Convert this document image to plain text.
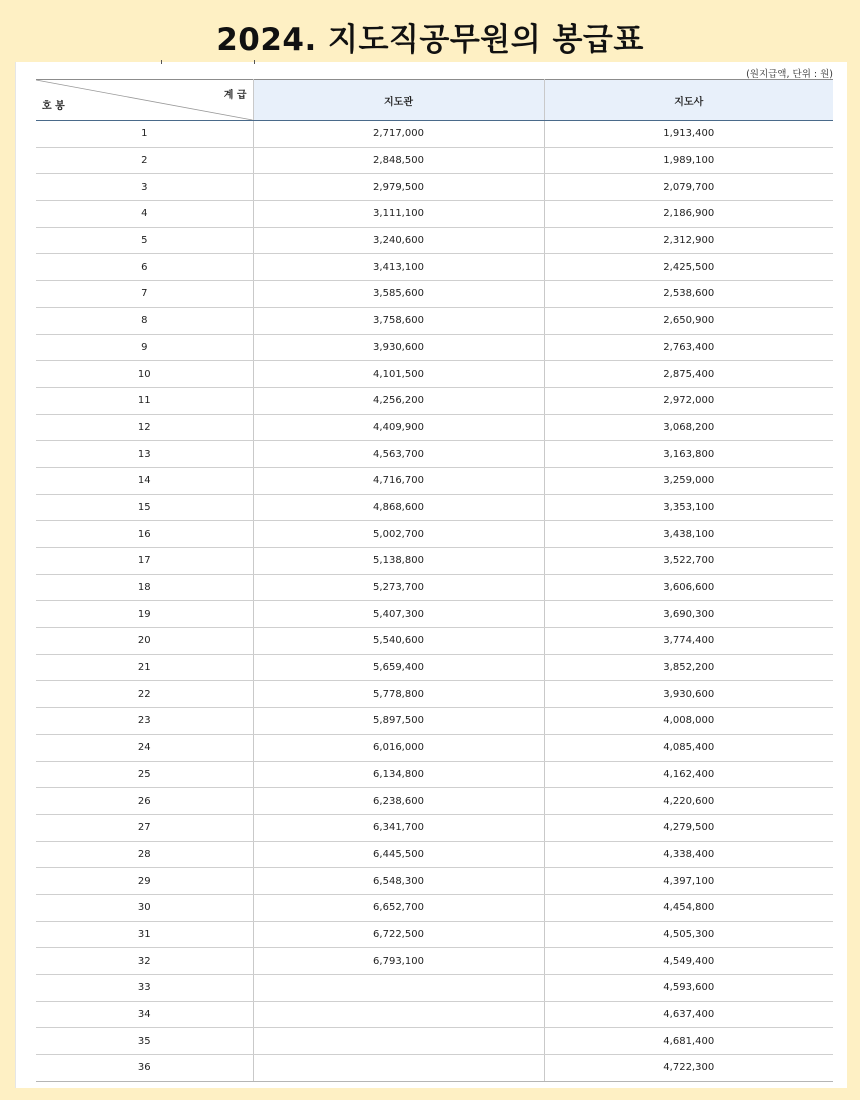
2024. 지도직공무원의 봉급표
(원지급액, 단위 : 원)
계 급
호 봉	지도관	지도사
1	2,717,000	1,913,400
2	2,848,500	1,989,100
3	2,979,500	2,079,700
4	3,111,100	2,186,900
5	3,240,600	2,312,900
6	3,413,100	2,425,500
7	3,585,600	2,538,600
8	3,758,600	2,650,900
9	3,930,600	2,763,400
10	4,101,500	2,875,400
11	4,256,200	2,972,000
12	4,409,900	3,068,200
13	4,563,700	3,163,800
14	4,716,700	3,259,000
15	4,868,600	3,353,100
16	5,002,700	3,438,100
17	5,138,800	3,522,700
18	5,273,700	3,606,600
19	5,407,300	3,690,300
20	5,540,600	3,774,400
21	5,659,400	3,852,200
22	5,778,800	3,930,600
23	5,897,500	4,008,000
24	6,016,000	4,085,400
25	6,134,800	4,162,400
26	6,238,600	4,220,600
27	6,341,700	4,279,500
28	6,445,500	4,338,400
29	6,548,300	4,397,100
30	6,652,700	4,454,800
31	6,722,500	4,505,300
32	6,793,100	4,549,400
33		4,593,600
34		4,637,400
35		4,681,400
36		4,722,300
